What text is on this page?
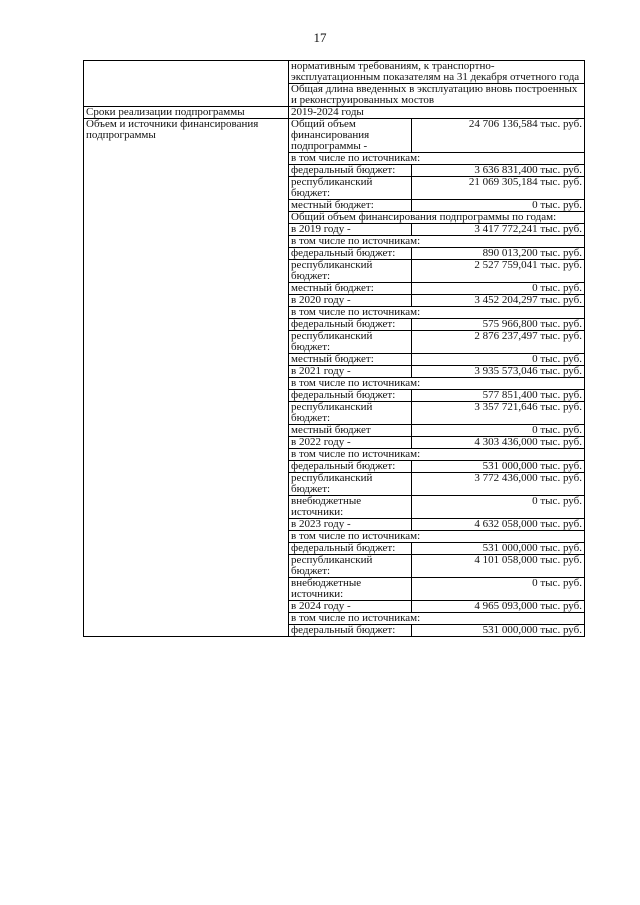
17

нормативным требованиям, к транспортно-эксплуатационным показателям на 31 декабря отчетного года
Общая длина введенных в эксплуатацию вновь построенных и реконструированных мостов

Сроки реализации подпрограммы	2019-2024 годы
Объем и источники финансирования подпрограммы	
Общий объем финансирования подпрограммы -	24 706 136,584 тыс. руб.
в том числе по источникам:
федеральный бюджет:	3 636 831,400 тыс. руб.
республиканский бюджет:	21 069 305,184 тыс. руб.
местный бюджет:	0 тыс. руб.
Общий объем финансирования подпрограммы по годам:
в 2019 году -	3 417 772,241 тыс. руб.
в том числе по источникам:
федеральный бюджет:	890 013,200 тыс. руб.
республиканский бюджет:	2 527 759,041 тыс. руб.
местный бюджет:	0 тыс. руб.
в 2020 году -	3 452 204,297 тыс. руб.
в том числе по источникам:
федеральный бюджет:	575 966,800 тыс. руб.
республиканский бюджет:	2 876 237,497 тыс. руб.
местный бюджет:	0 тыс. руб.
в 2021 году -	3 935 573,046 тыс. руб.
в том числе по источникам:
федеральный бюджет:	577 851,400 тыс. руб.
республиканский бюджет:	3 357 721,646 тыс. руб.
местный бюджет	0 тыс. руб.
в 2022 году -	4 303 436,000 тыс. руб.
в том числе по источникам:
федеральный бюджет:	531 000,000 тыс. руб.
республиканский бюджет:	3 772 436,000 тыс. руб.
внебюджетные источники:	0 тыс. руб.
в 2023 году -	4 632 058,000 тыс. руб.
в том числе по источникам:
федеральный бюджет:	531 000,000 тыс. руб.
республиканский бюджет:	4 101 058,000 тыс. руб.
внебюджетные источники:	0 тыс. руб.
в 2024 году -	4 965 093,000 тыс. руб.
в том числе по источникам:
федеральный бюджет:	531 000,000 тыс. руб.
